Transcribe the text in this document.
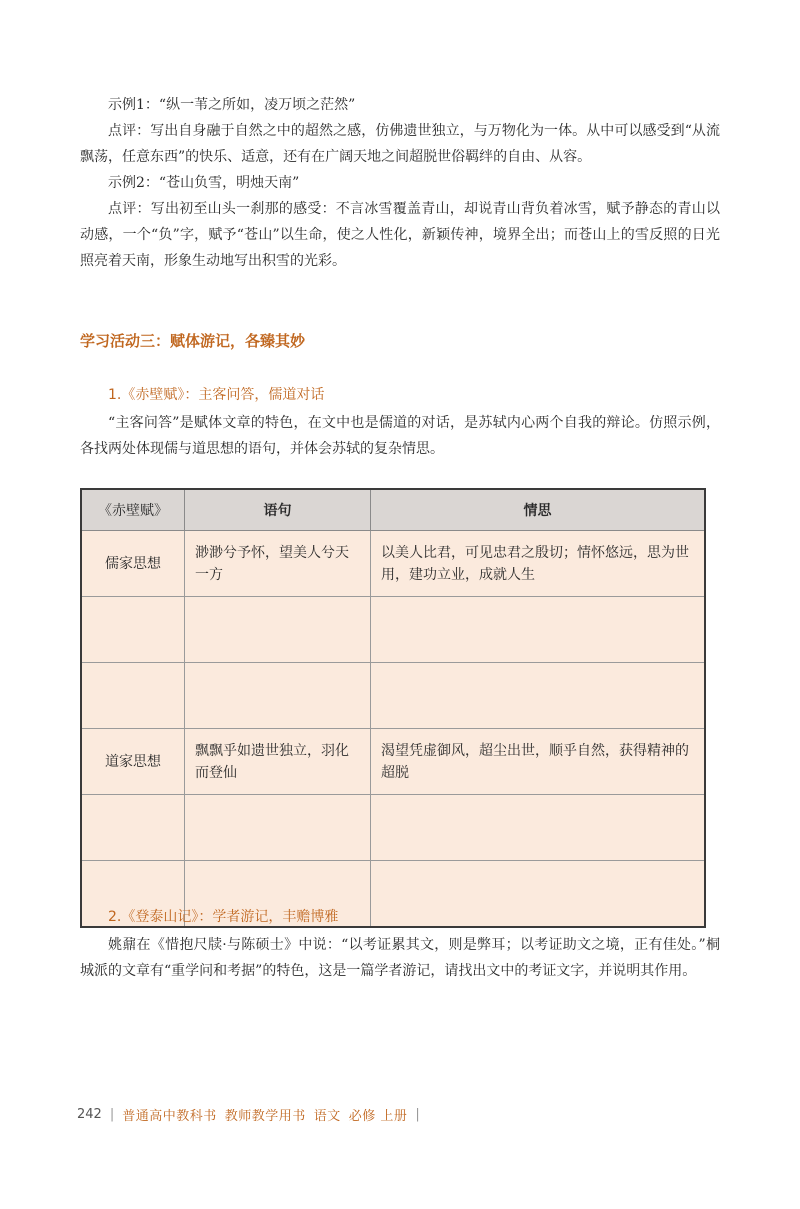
示例1：“纵一苇之所如，凌万顷之茫然”

点评：写出自身融于自然之中的超然之感，仿佛遗世独立，与万物化为一体。从中可以感受到“从流飘荡，任意东西”的快乐、适意，还有在广阔天地之间超脱世俗羁绊的自由、从容。

示例2：“苍山负雪，明烛天南”

点评：写出初至山头一刹那的感受：不言冰雪覆盖青山，却说青山背负着冰雪，赋予静态的青山以动感，一个“负”字，赋予“苍山”以生命，使之人性化，新颖传神，境界全出；而苍山上的雪反照的日光照亮着天南，形象生动地写出积雪的光彩。

学习活动三：赋体游记，各臻其妙
1.《赤壁赋》：主客问答，儒道对话

“主客问答”是赋体文章的特色，在文中也是儒道的对话，是苏轼内心两个自我的辩论。仿照示例，各找两处体现儒与道思想的语句，并体会苏轼的复杂情思。

《赤壁赋》	语句	情思
儒家思想	渺渺兮予怀，望美人兮天一方	以美人比君，可见忠君之殷切；情怀悠远，思为世用，建功立业，成就人生

道家思想	飘飘乎如遗世独立，羽化而登仙	渴望凭虚御风，超尘出世，顺乎自然，获得精神的超脱

2.《登泰山记》：学者游记，丰赡博雅

姚鼐在《惜抱尺牍·与陈硕士》中说：“以考证累其文，则是弊耳；以考证助文之境，正有佳处。”桐城派的文章有“重学问和考据”的特色，这是一篇学者游记，请找出文中的考证文字，并说明其作用。

242 | 普通高中教科书 教师教学用书 语文 必修 上册 |
